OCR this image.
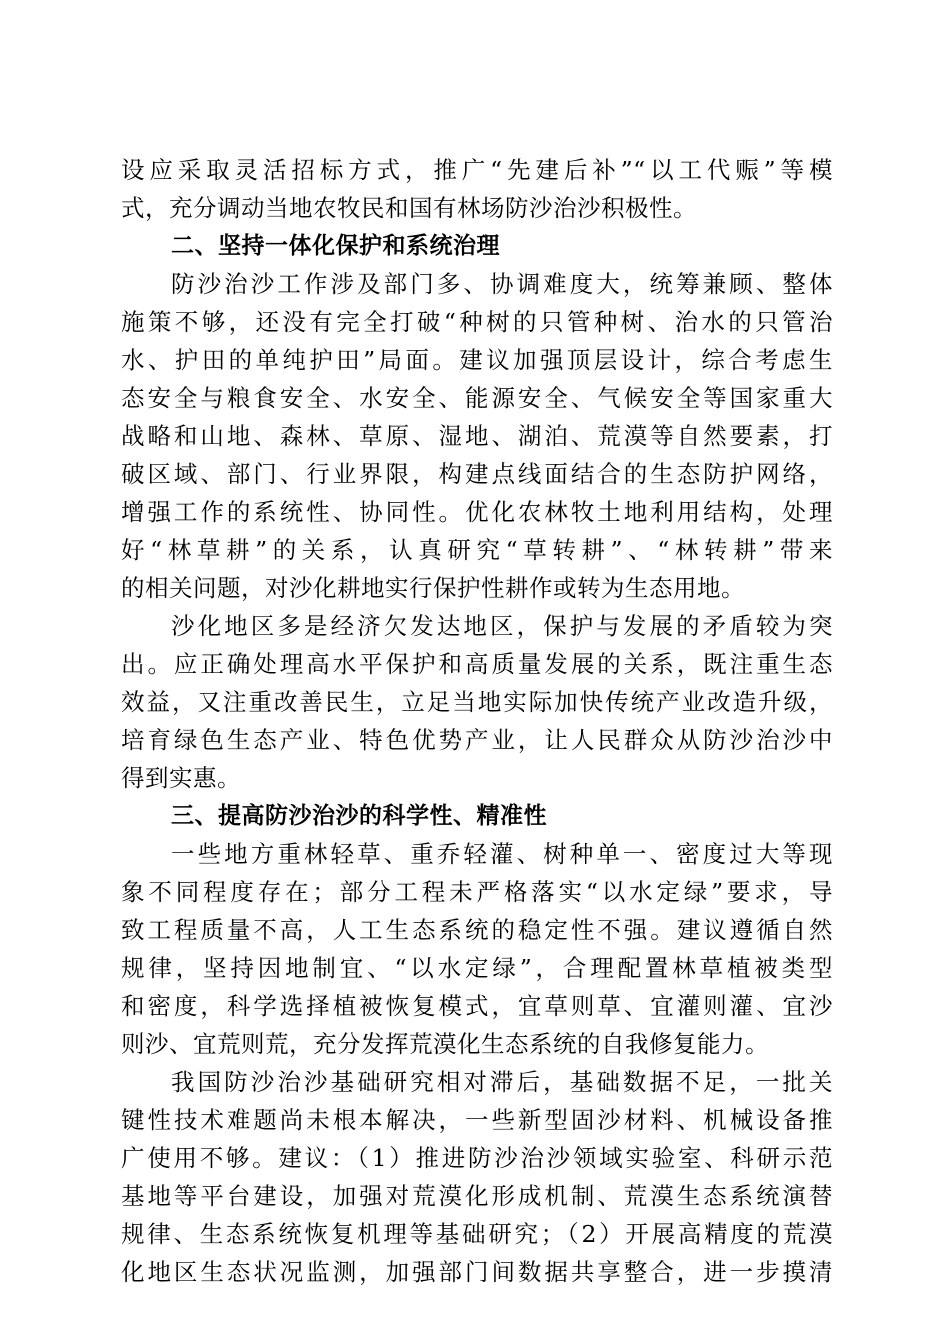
设应采取灵活招标方式，推广“先建后补”“以工代赈”等模
式，充分调动当地农牧民和国有林场防沙治沙积极性。
二、坚持一体化保护和系统治理
防沙治沙工作涉及部门多、协调难度大，统筹兼顾、整体
施策不够，还没有完全打破“种树的只管种树、治水的只管治
水、护田的单纯护田”局面。建议加强顶层设计，综合考虑生
态安全与粮食安全、水安全、能源安全、气候安全等国家重大
战略和山地、森林、草原、湿地、湖泊、荒漠等自然要素，打
破区域、部门、行业界限，构建点线面结合的生态防护网络，
增强工作的系统性、协同性。优化农林牧土地利用结构，处理
好“林草耕”的关系，认真研究“草转耕”、“林转耕”带来
的相关问题，对沙化耕地实行保护性耕作或转为生态用地。
沙化地区多是经济欠发达地区，保护与发展的矛盾较为突
出。应正确处理高水平保护和高质量发展的关系，既注重生态
效益，又注重改善民生，立足当地实际加快传统产业改造升级，
培育绿色生态产业、特色优势产业，让人民群众从防沙治沙中
得到实惠。
三、提高防沙治沙的科学性、精准性
一些地方重林轻草、重乔轻灌、树种单一、密度过大等现
象不同程度存在；部分工程未严格落实“以水定绿”要求，导
致工程质量不高，人工生态系统的稳定性不强。建议遵循自然
规律，坚持因地制宜、“以水定绿”，合理配置林草植被类型
和密度，科学选择植被恢复模式，宜草则草、宜灌则灌、宜沙
则沙、宜荒则荒，充分发挥荒漠化生态系统的自我修复能力。
我国防沙治沙基础研究相对滞后，基础数据不足，一批关
键性技术难题尚未根本解决，一些新型固沙材料、机械设备推
广使用不够。建议：（1）推进防沙治沙领域实验室、科研示范
基地等平台建设，加强对荒漠化形成机制、荒漠生态系统演替
规律、生态系统恢复机理等基础研究；（2）开展高精度的荒漠
化地区生态状况监测，加强部门间数据共享整合，进一步摸清
